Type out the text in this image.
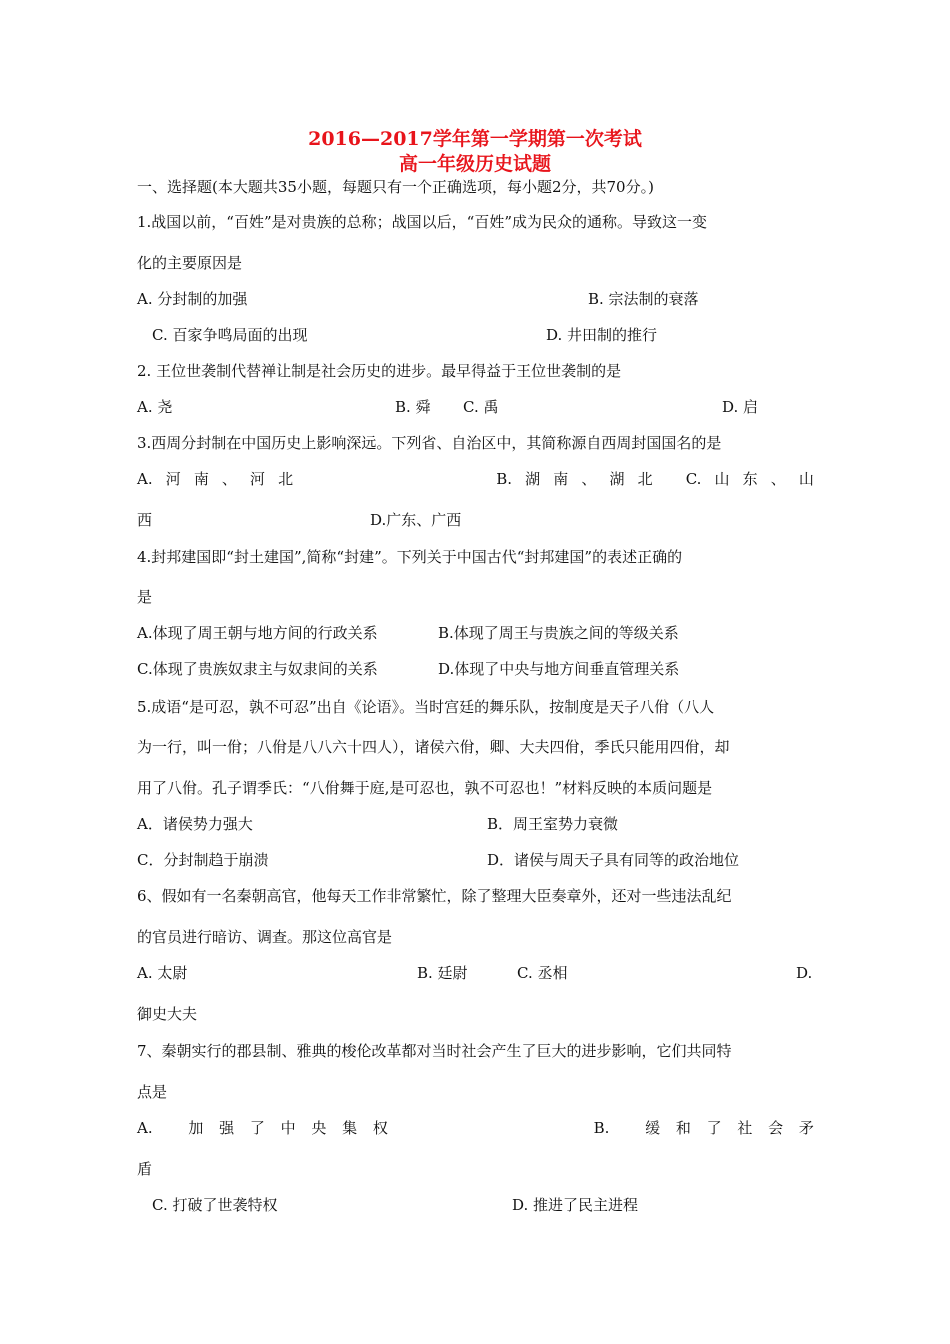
2016—2017学年第一学期第一次考试
高一年级历史试题
一、选择题(本大题共35小题，每题只有一个正确选项，每小题2分，共70分。)
1.战国以前，“百姓”是对贵族的总称；战国以后，“百姓”成为民众的通称。导致这一变
化的主要原因是
A. 分封制的加强	B. 宗法制的衰落
C. 百家争鸣局面的出现	D. 井田制的推行
2. 王位世袭制代替禅让制是社会历史的进步。最早得益于王位世袭制的是
A. 尧	B. 舜 C. 禹	D. 启
3.西周分封制在中国历史上影响深远。下列省、自治区中，其简称源自西周封国国名的是
A. 河 南 、 河 北	B. 湖 南 、 湖 北 C. 山 东 、 山
西	D.广东、广西
4.封邦建国即“封土建国”,简称“封建”。下列关于中国古代“封邦建国”的表述正确的
是
A.体现了周王朝与地方间的行政关系	B.体现了周王与贵族之间的等级关系
C.体现了贵族奴隶主与奴隶间的关系	D.体现了中央与地方间垂直管理关系
5.成语“是可忍，孰不可忍”出自《论语》。当时宫廷的舞乐队，按制度是天子八佾（八人
为一行，叫一佾；八佾是八八六十四人），诸侯六佾，卿、大夫四佾，季氏只能用四佾，却
用了八佾。孔子谓季氏：“八佾舞于庭,是可忍也，孰不可忍也！”材料反映的本质问题是
A．诸侯势力强大	B．周王室势力衰微
C．分封制趋于崩溃	D．诸侯与周天子具有同等的政治地位
6、假如有一名秦朝高官，他每天工作非常繁忙，除了整理大臣奏章外，还对一些违法乱纪
的官员进行暗访、调查。那这位高官是
A. 太尉	B. 廷尉	C. 丞相	D.
御史大夫
7、秦朝实行的郡县制、雅典的梭伦改革都对当时社会产生了巨大的进步影响，它们共同特
点是
A. 加 强 了 中 央 集 权	B. 缓 和 了 社 会 矛
盾
C. 打破了世袭特权	D. 推进了民主进程
